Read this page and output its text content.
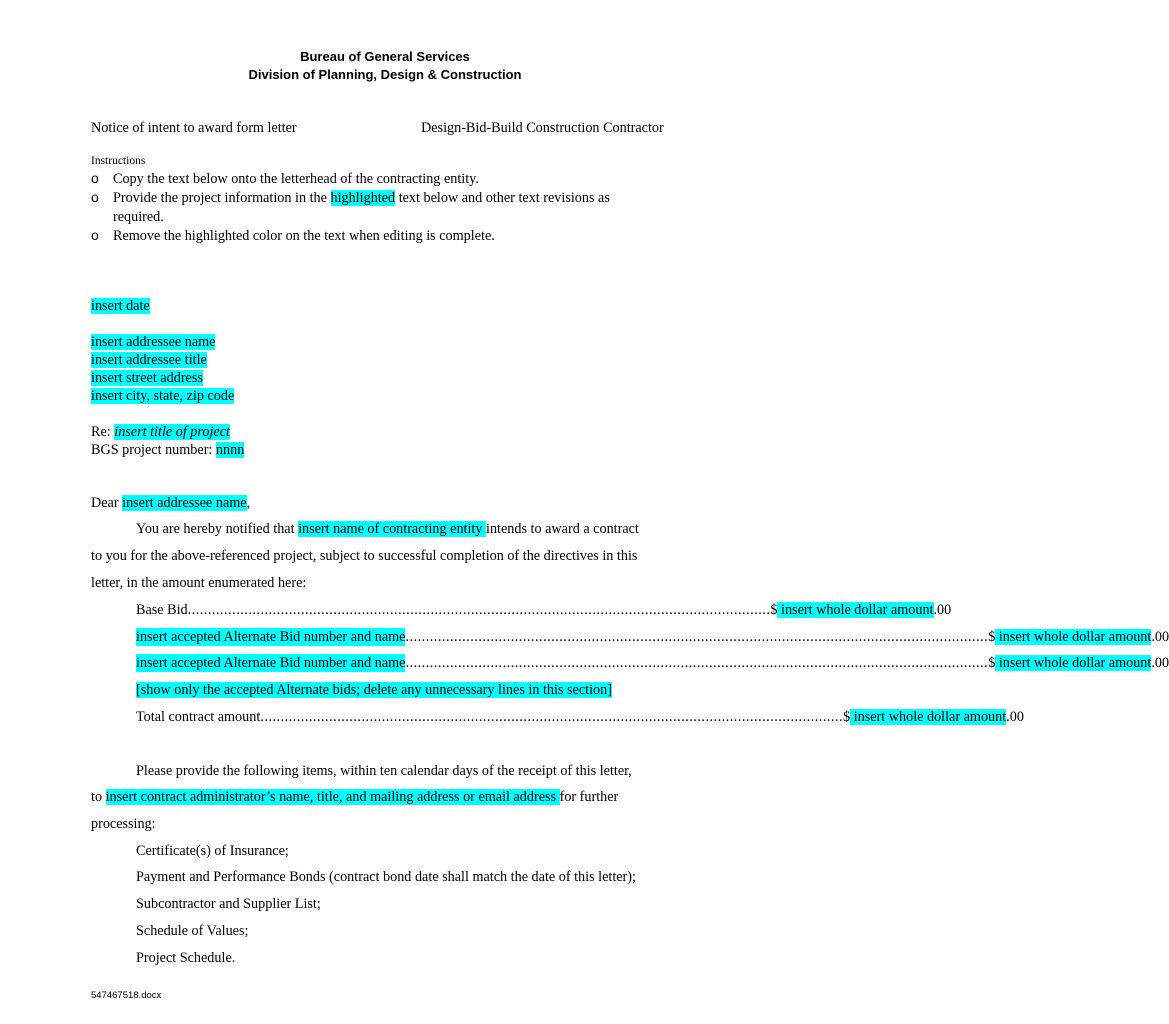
Bureau of General Services
Division of Planning, Design & Construction
Notice of intent to award form letter	Design-Bid-Build Construction Contractor
Instructions
o Copy the text below onto the letterhead of the contracting entity.
o Provide the project information in the highlighted text below and other text revisions as
required.
o Remove the highlighted color on the text when editing is complete.
insert date
insert addressee name
insert addressee title
insert street address
insert city, state, zip code
Re: insert title of project
BGS project number: nnnn
Dear insert addressee name,
You are hereby notified that insert name of contracting entity intends to award a contract
to you for the above-referenced project, subject to successful completion of the directives in this
letter, in the amount enumerated here:
Base Bid ................................................................................................................................................ $ insert whole dollar amount.00
insert accepted Alternate Bid number and name ................................................................................................................................................ $ insert whole dollar amount.00
insert accepted Alternate Bid number and name ................................................................................................................................................ $ insert whole dollar amount.00
[show only the accepted Alternate bids; delete any unnecessary lines in this section]
Total contract amount ................................................................................................................................................ $ insert whole dollar amount.00
Please provide the following items, within ten calendar days of the receipt of this letter,
to insert contract administrator’s name, title, and mailing address or email address for further
processing:
Certificate(s) of Insurance;
Payment and Performance Bonds (contract bond date shall match the date of this letter);
Subcontractor and Supplier List;
Schedule of Values;
Project Schedule.
547467518.docx
